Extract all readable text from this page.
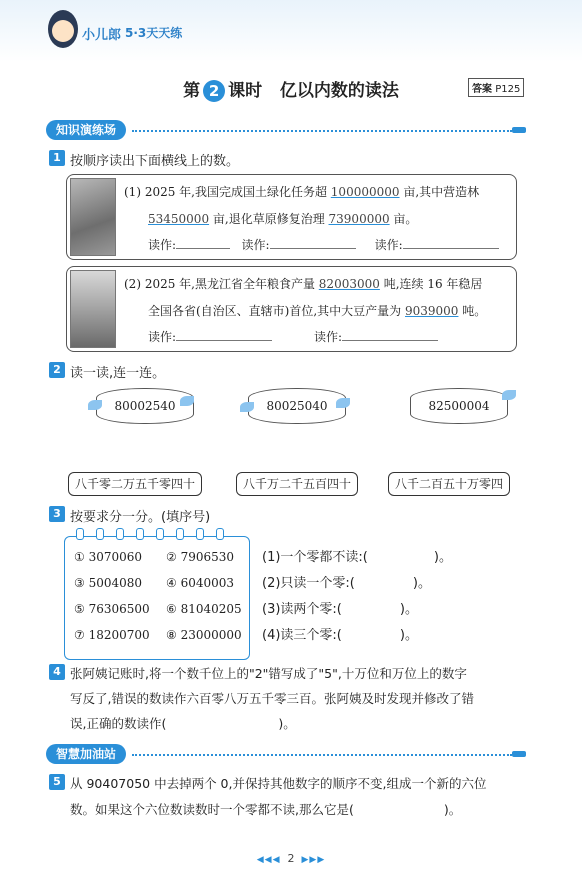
小儿郎 5·3天天练
第 2 课时 亿以内数的读法	答案 P125
知识演练场
1 按顺序读出下面横线上的数。
(1) 2025 年,我国完成国土绿化任务超 100000000 亩,其中营造林
53450000 亩,退化草原修复治理 73900000 亩。
读作:	读作:	读作:
(2) 2025 年,黑龙江省全年粮食产量 82003000 吨,连续 16 年稳居
全国各省(自治区、直辖市)首位,其中大豆产量为 9039000 吨。
读作:	读作:
2 读一读,连一连。
80002540	80025040	82500004
八千零二万五千零四十	八千万二千五百四十	八千二百五十万零四
3 按要求分一分。(填序号)
① 3070060 ② 7906530
③ 5004080 ④ 6040003
⑤ 76306500 ⑥ 81040205
⑦ 18200700 ⑧ 23000000
(1)一个零都不读:(	)。
(2)只读一个零:(	)。
(3)读两个零:(	)。
(4)读三个零:(	)。
4 张阿姨记账时,将一个数千位上的"2"错写成了"5",十万位和万位上的数字
写反了,错误的数读作六百零八万五千零三百。张阿姨及时发现并修改了错
误,正确的数读作(	)。
智慧加油站
5 从 90407050 中去掉两个 0,并保持其他数字的顺序不变,组成一个新的六位
数。如果这个六位数读数时一个零都不读,那么它是(	)。
◀◀◀ 2 ▶▶▶
